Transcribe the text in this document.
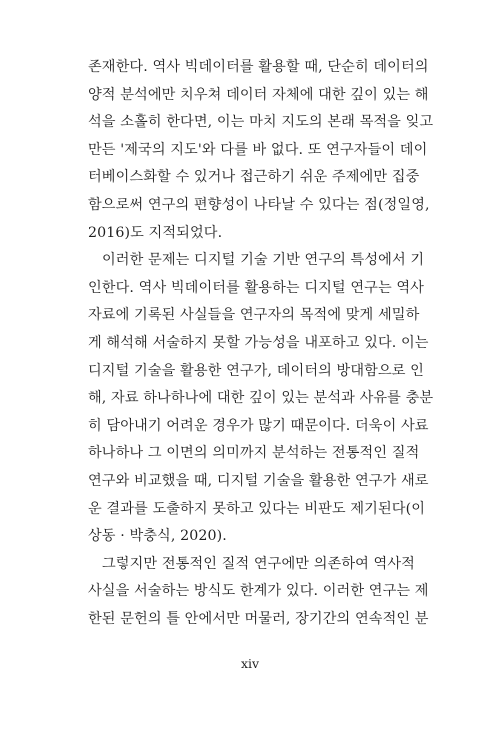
존재한다. 역사 빅데이터를 활용할 때, 단순히 데이터의
양적 분석에만 치우쳐 데이터 자체에 대한 깊이 있는 해
석을 소홀히 한다면, 이는 마치 지도의 본래 목적을 잊고
만든 '제국의 지도'와 다를 바 없다. 또 연구자들이 데이
터베이스화할 수 있거나 접근하기 쉬운 주제에만 집중
함으로써 연구의 편향성이 나타날 수 있다는 점(정일영,
2016)도 지적되었다.

이러한 문제는 디지털 기술 기반 연구의 특성에서 기
인한다. 역사 빅데이터를 활용하는 디지털 연구는 역사
자료에 기록된 사실들을 연구자의 목적에 맞게 세밀하
게 해석해 서술하지 못할 가능성을 내포하고 있다. 이는
디지털 기술을 활용한 연구가, 데이터의 방대함으로 인
해, 자료 하나하나에 대한 깊이 있는 분석과 사유를 충분
히 담아내기 어려운 경우가 많기 때문이다. 더욱이 사료
하나하나 그 이면의 의미까지 분석하는 전통적인 질적
연구와 비교했을 때, 디지털 기술을 활용한 연구가 새로
운 결과를 도출하지 못하고 있다는 비판도 제기된다(이
상동 · 박충식, 2020).

그렇지만 전통적인 질적 연구에만 의존하여 역사적
사실을 서술하는 방식도 한계가 있다. 이러한 연구는 제
한된 문헌의 틀 안에서만 머물러, 장기간의 연속적인 분

xiv
